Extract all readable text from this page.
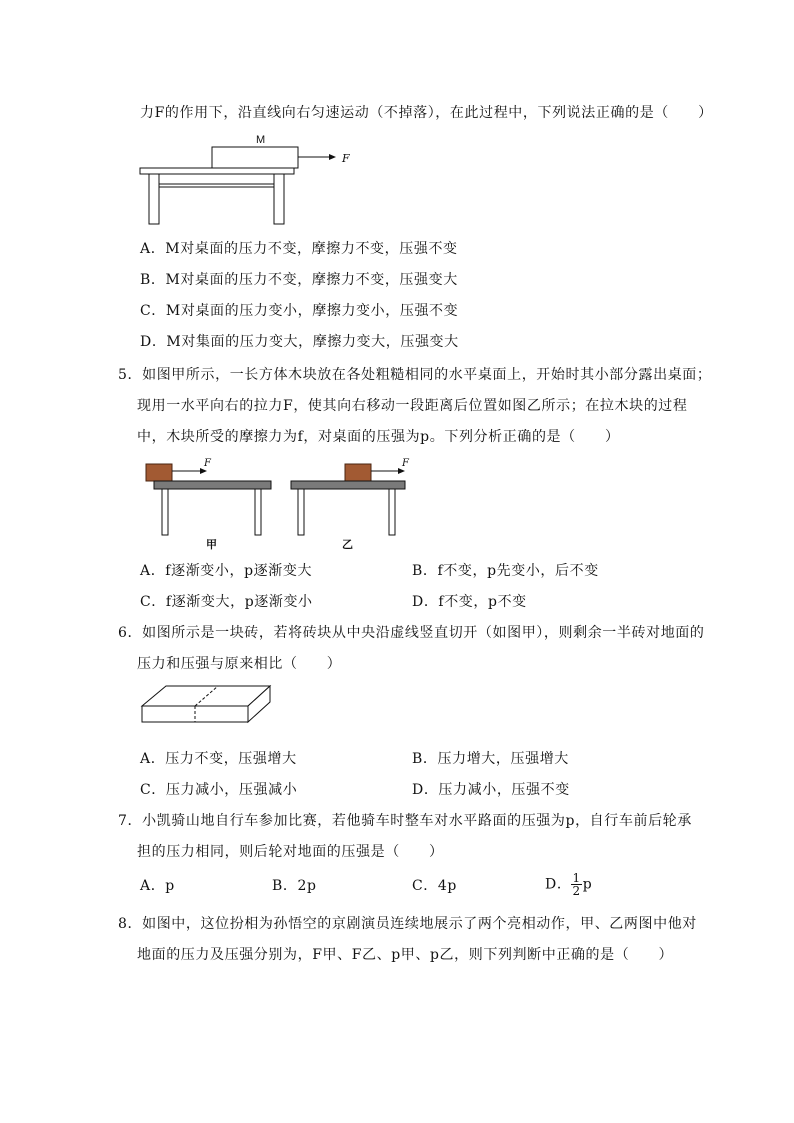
力F的作用下，沿直线向右匀速运动（不掉落），在此过程中，下列说法正确的是（　　）
M
F
A．M对桌面的压力不变，摩擦力不变，压强不变
B．M对桌面的压力不变，摩擦力不变，压强变大
C．M对桌面的压力变小，摩擦力变小，压强不变
D．M对集面的压力变大，摩擦力变大，压强变大
5．如图甲所示，一长方体木块放在各处粗糙相同的水平桌面上，开始时其小部分露出桌面；
现用一水平向右的拉力F，使其向右移动一段距离后位置如图乙所示；在拉木块的过程
中，木块所受的摩擦力为f，对桌面的压强为p。下列分析正确的是（　　）
F
甲
F
乙
A．f逐渐变小，p逐渐变大	B．f不变，p先变小，后不变
C．f逐渐变大，p逐渐变小	D．f不变，p不变
6．如图所示是一块砖，若将砖块从中央沿虚线竖直切开（如图甲），则剩余一半砖对地面的
压力和压强与原来相比（　　）
A．压力不变，压强增大	B．压力增大，压强增大
C．压力减小，压强减小	D．压力减小，压强不变
7．小凯骑山地自行车参加比赛，若他骑车时整车对水平路面的压强为p，自行车前后轮承
担的压力相同，则后轮对地面的压强是（　　）
A．p	B．2p	C．4p	D． $\frac{1}{2}$ p
8．如图中，这位扮相为孙悟空的京剧演员连续地展示了两个亮相动作，甲、乙两图中他对
地面的压力及压强分别为，F甲、F乙、p甲、p乙，则下列判断中正确的是（　　）
